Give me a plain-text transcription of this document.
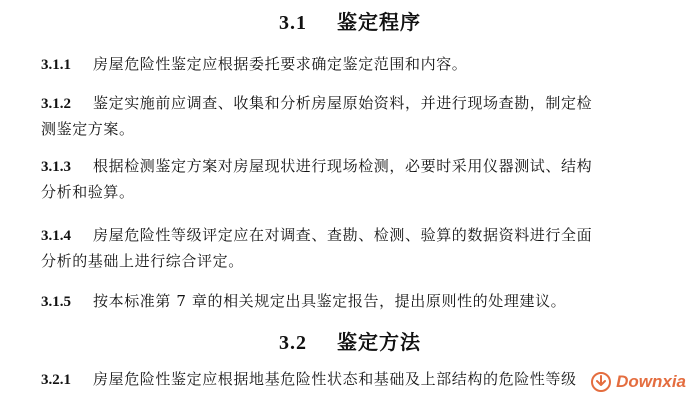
3.1 鉴定程序
3.1.1 房屋危险性鉴定应根据委托要求确定鉴定范围和内容。
3.1.2 鉴定实施前应调查、收集和分析房屋原始资料，并进行现场查勘，制定检
测鉴定方案。
3.1.3 根据检测鉴定方案对房屋现状进行现场检测，必要时采用仪器测试、结构
分析和验算。
3.1.4 房屋危险性等级评定应在对调查、查勘、检测、验算的数据资料进行全面
分析的基础上进行综合评定。
3.1.5 按本标准第 7 章的相关规定出具鉴定报告，提出原则性的处理建议。
3.2 鉴定方法
3.2.1 房屋危险性鉴定应根据地基危险性状态和基础及上部结构的危险性等级	Downxia
